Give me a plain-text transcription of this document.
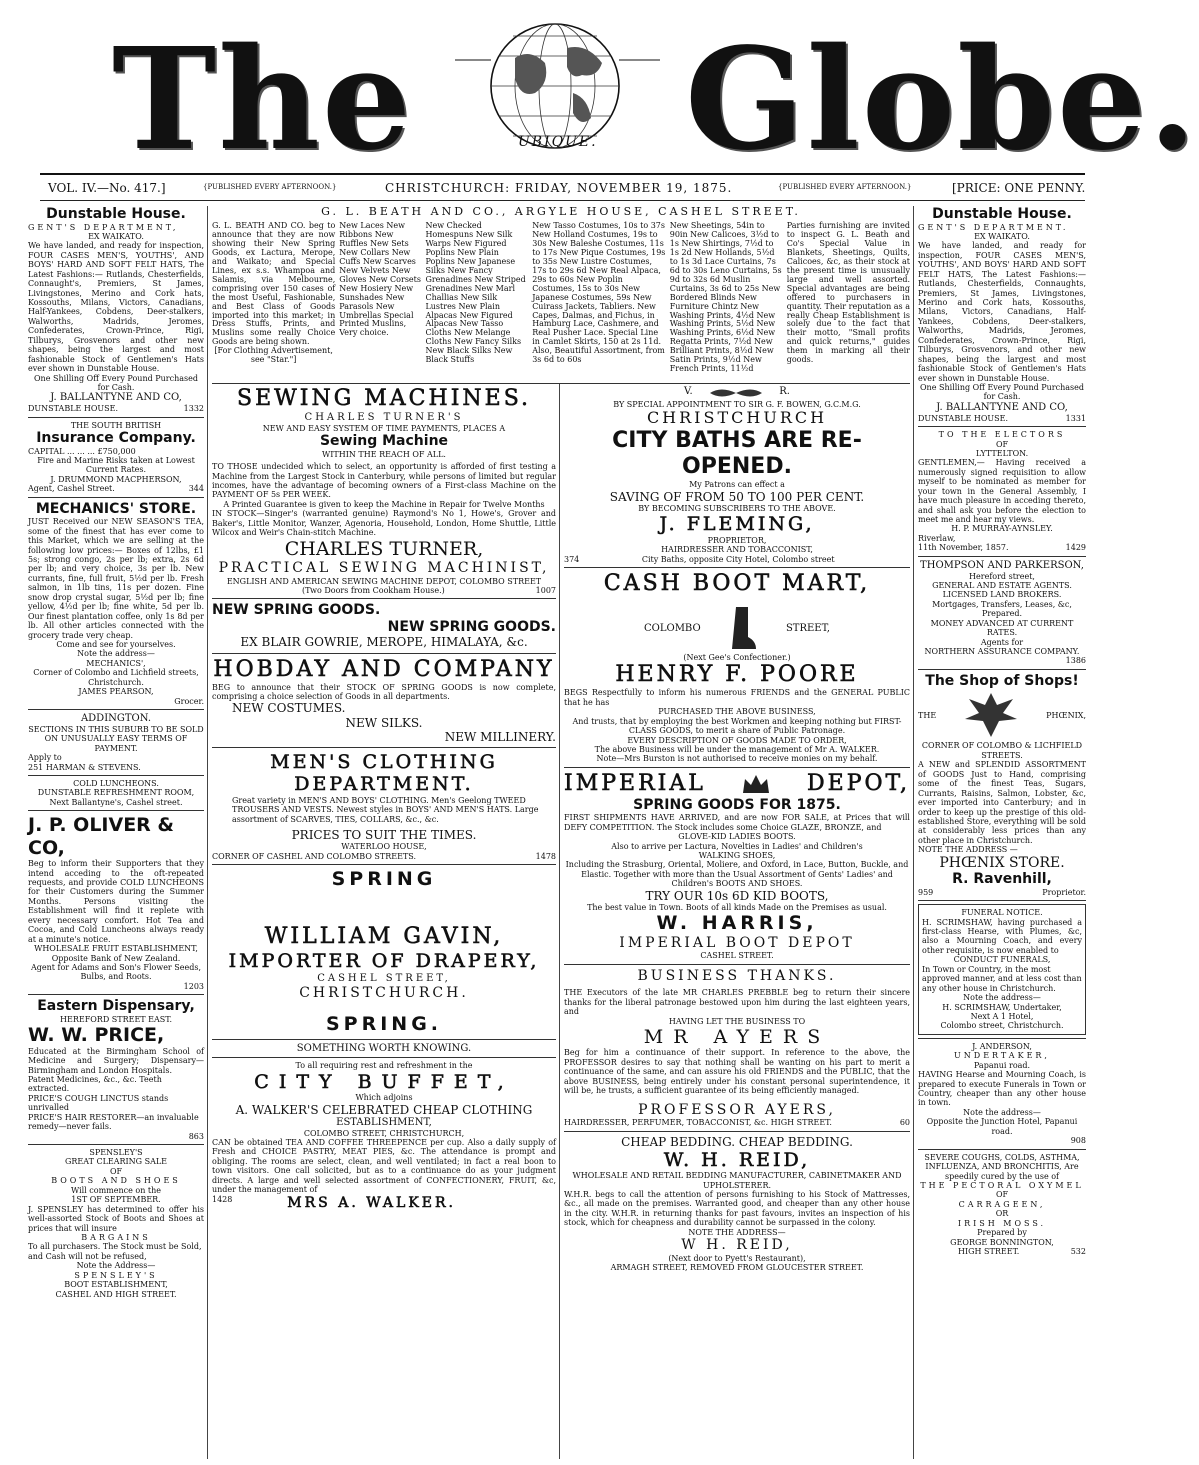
The	UBIQUE. Globe.
VOL. IV.—No. 417.]	{PUBLISHED EVERY AFTERNOON.}	CHRISTCHURCH: FRIDAY, NOVEMBER 19, 1875.	{PUBLISHED EVERY AFTERNOON.}	[PRICE: ONE PENNY.
Dunstable House.
GENT'S DEPARTMENT,
EX WAIKATO.
We have landed, and ready for inspection, FOUR CASES MEN'S, YOUTHS', AND BOYS' HARD AND SOFT FELT HATS, The Latest Fashions:— Rutlands, Chesterfields, Connaught's, Premiers, St James, Livingstones, Merino and Cork hats, Kossouths, Milans, Victors, Canadians, Half-Yankees, Cobdens, Deer-stalkers, Walworths, Madrids, Jeromes, Confederates, Crown-Prince, Rigi, Tilburys, Grosvenors and other new shapes, being the largest and most fashionable Stock of Gentlemen's Hats ever shown in Dunstable House.
One Shilling Off Every Pound Purchased for Cash.
J. BALLANTYNE AND CO,
DUNSTABLE HOUSE.	1332
THE SOUTH BRITISH
Insurance Company.
CAPITAL ... ... ... £750,000
Fire and Marine Risks taken at Lowest Current Rates.
J. DRUMMOND MACPHERSON,
Agent, Cashel Street.	344
MECHANICS' STORE.
JUST Received our NEW SEASON'S TEA, some of the finest that has ever come to this Market, which we are selling at the following low prices:— Boxes of 12lbs, £1 5s; strong congo, 2s per lb; extra, 2s 6d per lb; and very choice, 3s per lb. New currants, fine, full fruit, 5½d per lb. Fresh salmon, in 1lb tins, 11s per dozen. Fine snow drop crystal sugar, 5½d per lb; fine yellow, 4½d per lb; fine white, 5d per lb. Our finest plantation coffee, only 1s 8d per lb. All other articles connected with the grocery trade very cheap.
Come and see for yourselves.
Note the address—
MECHANICS',
Corner of Colombo and Lichfield streets, Christchurch.
JAMES PEARSON,
Grocer.
ADDINGTON.
SECTIONS IN THIS SUBURB TO BE SOLD ON UNUSUALLY EASY TERMS OF PAYMENT.
Apply to
251 HARMAN & STEVENS.
COLD LUNCHEONS.
DUNSTABLE REFRESHMENT ROOM,
Next Ballantyne's, Cashel street.
J. P. OLIVER & CO,
Beg to inform their Supporters that they intend acceding to the oft-repeated requests, and provide COLD LUNCHEONS for their Customers during the Summer Months. Persons visiting the Establishment will find it replete with every necessary comfort. Hot Tea and Cocoa, and Cold Luncheons always ready at a minute's notice.
WHOLESALE FRUIT ESTABLISHMENT,
Opposite Bank of New Zealand.
Agent for Adams and Son's Flower Seeds, Bulbs, and Roots.
1203
Eastern Dispensary,
HEREFORD STREET EAST.
W. W. PRICE,
Educated at the Birmingham School of Medicine and Surgery; Dispensary—Birmingham and London Hospitals.
Patent Medicines, &c., &c. Teeth extracted.
PRICE'S COUGH LINCTUS stands unrivalled
PRICE'S HAIR RESTORER—an invaluable remedy—never fails.
863
SPENSLEY'S
GREAT CLEARING SALE
OF
BOOTS AND SHOES
Will commence on the
1ST OF SEPTEMBER.
J. SPENSLEY has determined to offer his well-assorted Stock of Boots and Shoes at prices that will insure
BARGAINS
To all purchasers. The Stock must be Sold, and Cash will not be refused,
Note the Address—
SPENSLEY'S
BOOT ESTABLISHMENT,
CASHEL AND HIGH STREET.
G. L. BEATH AND CO., ARGYLE HOUSE, CASHEL STREET.
G. L. BEATH AND CO. beg to announce that they are now showing their New Spring Goods, ex Lactura, Merope, and Waikato; and Special Lines, ex s.s. Whampoa and Salamis, via Melbourne, comprising over 150 cases of the most Useful, Fashionable, and Best Class of Goods imported into this market; in Dress Stuffs, Prints, and Muslins some really Choice Goods are being shown.
[For Clothing Advertisement, see "Star."]
New Laces New Ribbons New Ruffles New Sets New Collars New Cuffs New Scarves New Velvets New Gloves New Corsets New Hosiery New Sunshades New Parasols New Umbrellas Special Printed Muslins, Very choice.
New Checked Homespuns New Silk Warps New Figured Poplins New Plain Poplins New Japanese Silks New Fancy Grenadines New Striped Grenadines New Marl Challias New Silk Lustres New Plain Alpacas New Figured Alpacas New Tasso Cloths New Melange Cloths New Fancy Silks New Black Silks New Black Stuffs
New Tasso Costumes, 10s to 37s New Holland Costumes, 19s to 30s New Baleshe Costumes, 11s to 17s New Pique Costumes, 19s to 35s New Lustre Costumes, 17s to 29s 6d New Real Alpaca, 29s to 60s New Poplin Costumes, 15s to 30s New Japanese Costumes, 59s New Cuirass Jackets, Tabliers. New Capes, Dalmas, and Fichus, in Hamburg Lace, Cashmere, and Real Pusher Lace. Special Line in Camlet Skirts, 150 at 2s 11d. Also, Beautiful Assortment, from 3s 6d to 60s
New Sheetings, 54in to 90in New Calicoes, 3½d to 1s New Shirtings, 7½d to 1s 2d New Hollands, 5½d to 1s 3d Lace Curtains, 7s 6d to 30s Leno Curtains, 5s 9d to 32s 6d Muslin Curtains, 3s 6d to 25s New Bordered Blinds New Furniture Chintz New Washing Prints, 4½d New Washing Prints, 5½d New Washing Prints, 6½d New Regatta Prints, 7½d New Brilliant Prints, 8½d New Satin Prints, 9½d New French Prints, 11½d
Parties furnishing are invited to inspect G. L. Beath and Co's Special Value in Blankets, Sheetings, Quilts, Calicoes, &c, as their stock at the present time is unusually large and well assorted. Special advantages are being offered to purchasers in quantity. Their reputation as a really Cheap Establishment is solely due to the fact that their motto, "Small profits and quick returns," guides them in marking all their goods.
SEWING MACHINES.
CHARLES TURNER'S
NEW AND EASY SYSTEM OF TIME PAYMENTS, PLACES A
Sewing Machine
WITHIN THE REACH OF ALL.
TO THOSE undecided which to select, an opportunity is afforded of first testing a Machine from the Largest Stock in Canterbury, while persons of limited but regular incomes, have the advantage of becoming owners of a First-class Machine on the PAYMENT OF 5s PER WEEK.
A Printed Guarantee is given to keep the Machine in Repair for Twelve Months
IN STOCK—Singer's (warranted genuine) Raymond's No 1, Howe's, Grover and Baker's, Little Monitor, Wanzer, Agenoria, Household, London, Home Shuttle, Little Wilcox and Weir's Chain-stitch Machine.
CHARLES TURNER,
PRACTICAL SEWING MACHINIST,
ENGLISH AND AMERICAN SEWING MACHINE DEPOT, COLOMBO STREET
(Two Doors from Cookham House.)	1007
NEW SPRING GOODS.
NEW SPRING GOODS.
EX BLAIR GOWRIE, MEROPE, HIMALAYA, &c.
HOBDAY AND COMPANY
BEG to announce that their STOCK OF SPRING GOODS is now complete, comprising a choice selection of Goods in all departments.
NEW COSTUMES.
NEW SILKS.
NEW MILLINERY.
MEN'S CLOTHING DEPARTMENT.
Great variety in MEN'S AND BOYS' CLOTHING. Men's Geelong TWEED TROUSERS AND VESTS. Newest styles in BOYS' AND MEN'S HATS. Large assortment of SCARVES, TIES, COLLARS, &c., &c.
PRICES TO SUIT THE TIMES.
WATERLOO HOUSE,
CORNER OF CASHEL AND COLOMBO STREETS.	1478
SPRING
WILLIAM GAVIN,
IMPORTER OF DRAPERY,
CASHEL STREET,
CHRISTCHURCH.
SPRING.
SOMETHING WORTH KNOWING.
To all requiring rest and refreshment in the
CITY BUFFET,
Which adjoins
A. WALKER'S CELEBRATED CHEAP CLOTHING
ESTABLISHMENT,
COLOMBO STREET, CHRISTCHURCH,
CAN be obtained TEA AND COFFEE THREEPENCE per cup. Also a daily supply of Fresh and CHOICE PASTRY, MEAT PIES, &c. The attendance is prompt and obliging. The rooms are select, clean, and well ventilated; in fact a real boon to town visitors. One call solicited, but as to a continuance do as your judgment directs. A large and well selected assortment of CONFECTIONERY, FRUIT, &c, under the management of
1428	MRS A. WALKER.
V.	R.
BY SPECIAL APPOINTMENT TO SIR G. F. BOWEN, G.C.M.G.
CHRISTCHURCH
CITY BATHS ARE RE-OPENED.
My Patrons can effect a
SAVING OF FROM 50 TO 100 PER CENT.
BY BECOMING SUBSCRIBERS TO THE ABOVE.
J. FLEMING,
PROPRIETOR,
HAIRDRESSER AND TOBACCONIST,
374	City Baths, opposite City Hotel, Colombo street
CASH BOOT MART,
COLOMBO	STREET,
(Next Gee's Confectioner.)
HENRY F. POORE
BEGS Respectfully to inform his numerous FRIENDS and the GENERAL PUBLIC that he has
PURCHASED THE ABOVE BUSINESS,
And trusts, that by employing the best Workmen and keeping nothing but FIRST-CLASS GOODS, to merit a share of Public Patronage.
EVERY DESCRIPTION OF GOODS MADE TO ORDER,
The above Business will be under the management of Mr A. WALKER.
Note—Mrs Burston is not authorised to receive monies on my behalf.
IMPERIAL	DEPOT,
SPRING GOODS FOR 1875.
FIRST SHIPMENTS HAVE ARRIVED, and are now FOR SALE, at Prices that will DEFY COMPETITION. The Stock includes some Choice GLAZE, BRONZE, and
GLOVE-KID LADIES BOOTS.
Also to arrive per Lactura, Novelties in Ladies' and Children's
WALKING SHOES,
Including the Strasburg, Oriental, Moliere, and Oxford, in Lace, Button, Buckle, and Elastic. Together with more than the Usual Assortment of Gents' Ladies' and Children's BOOTS AND SHOES.
TRY OUR 10s 6D KID BOOTS,
The best value in Town. Boots of all kinds Made on the Premises as usual.
W. HARRIS,
IMPERIAL BOOT DEPOT
CASHEL STREET.
BUSINESS THANKS.
THE Executors of the late MR CHARLES PREBBLE beg to return their sincere thanks for the liberal patronage bestowed upon him during the last eighteen years, and
HAVING LET THE BUSINESS TO
MR AYERS
Beg for him a continuance of their support. In reference to the above, the PROFESSOR desires to say that nothing shall be wanting on his part to merit a continuance of the same, and can assure his old FRIENDS and the PUBLIC, that the above BUSINESS, being entirely under his constant personal superintendence, it will be, he trusts, a sufficient guarantee of its being efficiently managed.
PROFESSOR AYERS,
HAIRDRESSER, PERFUMER, TOBACCONIST, &c. HIGH STREET.	60
CHEAP BEDDING. CHEAP BEDDING.
W. H. REID,
WHOLESALE AND RETAIL BEDDING MANUFACTURER, CABINETMAKER AND UPHOLSTERER.
W.H.R. begs to call the attention of persons furnishing to his Stock of Mattresses, &c., all made on the premises. Warranted good, and cheaper than any other house in the city. W.H.R. in returning thanks for past favours, invites an inspection of his stock, which for cheapness and durability cannot be surpassed in the colony.
NOTE THE ADDRESS—
W H. REID,
(Next door to Pyett's Restaurant),
ARMAGH STREET, REMOVED FROM GLOUCESTER STREET.
Dunstable House.
GENT'S DEPARTMENT.
EX WAIKATO.
We have landed, and ready for inspection, FOUR CASES MEN'S, YOUTHS', AND BOYS' HARD AND SOFT FELT HATS, The Latest Fashions:— Rutlands, Chesterfields, Connaughts, Premiers, St James, Livingstones, Merino and Cork hats, Kossouths, Milans, Victors, Canadians, Half-Yankees, Cobdens, Deer-stalkers, Walworths, Madrids, Jeromes, Confederates, Crown-Prince, Rigi, Tilburys, Grosvenors, and other new shapes, being the largest and most fashionable Stock of Gentlemen's Hats ever shown in Dunstable House.
One Shilling Off Every Pound Purchased for Cash.
J. BALLANTYNE AND CO,
DUNSTABLE HOUSE.	1331
TO THE ELECTORS
OF
LYTTELTON.
GENTLEMEN,— Having received a numerously signed requisition to allow myself to be nominated as member for your town in the General Assembly, I have much pleasure in acceding thereto, and shall ask you before the election to meet me and hear my views.
H. P. MURRAY-AYNSLEY.
Riverlaw,
11th November, 1857.	1429
THOMPSON AND PARKERSON,
Hereford street,
GENERAL AND ESTATE AGENTS.
LICENSED LAND BROKERS.
Mortgages, Transfers, Leases, &c, Prepared.
MONEY ADVANCED AT CURRENT RATES.
Agents for
NORTHERN ASSURANCE COMPANY.
1386
The Shop of Shops!
THE	PHŒNIX,
CORNER OF COLOMBO & LICHFIELD STREETS.
A NEW and SPLENDID ASSORTMENT of GOODS Just to Hand, comprising some of the finest Teas, Sugars, Currants, Raisins, Salmon, Lobster, &c, ever imported into Canterbury; and in order to keep up the prestige of this old-established Store, everything will be sold at considerably less prices than any other place in Christchurch.
NOTE THE ADDRESS —
PHŒNIX STORE.
R. Ravenhill,
959	Proprietor.
FUNERAL NOTICE.
H. SCRIMSHAW, having purchased a first-class Hearse, with Plumes, &c, also a Mourning Coach, and every other requisite, is now enabled to
CONDUCT FUNERALS,
In Town or Country, in the most approved manner, and at less cost than any other house in Christchurch.
Note the address—
H. SCRIMSHAW, Undertaker,
Next A 1 Hotel,
Colombo street, Christchurch.
J. ANDERSON,
UNDERTAKER,
Papanui road.
HAVING Hearse and Mourning Coach, is prepared to execute Funerals in Town or Country, cheaper than any other house in town.
Note the address—
Opposite the Junction Hotel, Papanui road.
908
SEVERE COUGHS, COLDS, ASTHMA, INFLUENZA, AND BRONCHITIS, Are speedily cured by the use of
THE PECTORAL OXYMEL
OF
CARRAGEEN,
OR
IRISH MOSS.
Prepared by
GEORGE BONNINGTON,
HIGH STREET.	532
